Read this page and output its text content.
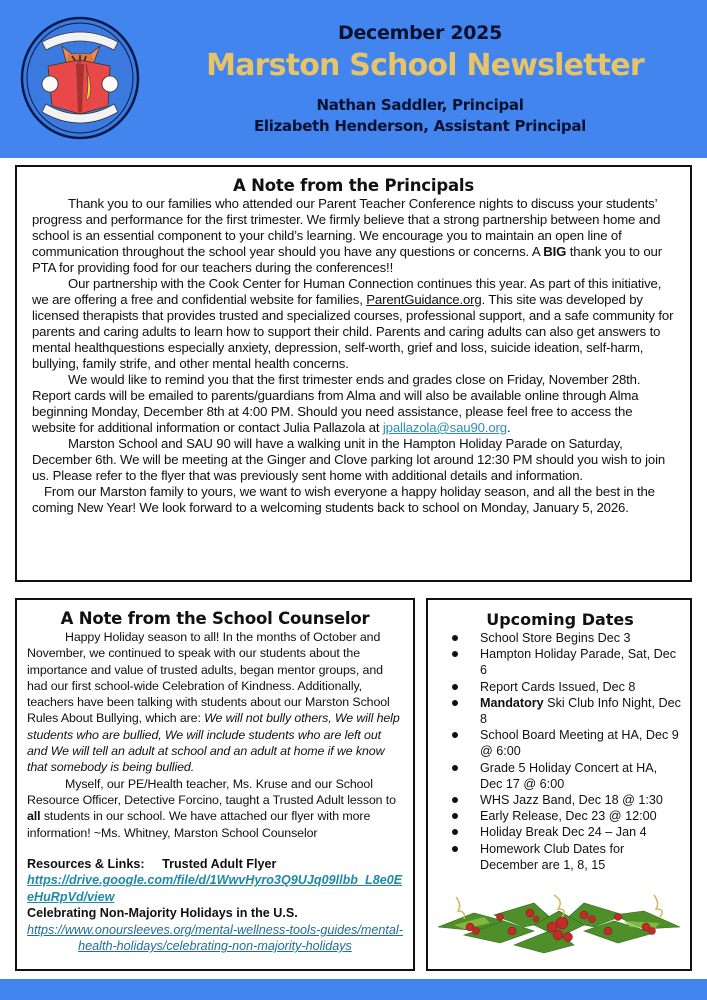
December 2025
Marston School Newsletter
Nathan Saddler, Principal
Elizabeth Henderson, Assistant Principal
A Note from the Principals

Thank you to our families who attended our Parent Teacher Conference nights to discuss your students’ progress and performance for the first trimester. We firmly believe that a strong partnership between home and school is an essential component to your child’s learning. We encourage you to maintain an open line of communication throughout the school year should you have any questions or concerns. A BIG thank you to our PTA for providing food for our teachers during the conferences!!

Our partnership with the Cook Center for Human Connection continues this year. As part of this initiative, we are offering a free and confidential website for families, ParentGuidance.org. This site was developed by licensed therapists that provides trusted and specialized courses, professional support, and a safe community for parents and caring adults to learn how to support their child. Parents and caring adults can also get answers to mental healthquestions especially anxiety, depression, self-worth, grief and loss, suicide ideation, self-harm, bullying, family strife, and other mental health concerns.

We would like to remind you that the first trimester ends and grades close on Friday, November 28th. Report cards will be emailed to parents/guardians from Alma and will also be available online through Alma beginning Monday, December 8th at 4:00 PM. Should you need assistance, please feel free to access the website for additional information or contact Julia Pallazola at jpallazola@sau90.org.

Marston School and SAU 90 will have a walking unit in the Hampton Holiday Parade on Saturday, December 6th. We will be meeting at the Ginger and Clove parking lot around 12:30 PM should you wish to join us. Please refer to the flyer that was previously sent home with additional details and information.

From our Marston family to yours, we want to wish everyone a happy holiday season, and all the best in the coming New Year! We look forward to a welcoming students back to school on Monday, January 5, 2026.

A Note from the School Counselor

Happy Holiday season to all! In the months of October and November, we continued to speak with our students about the importance and value of trusted adults, began mentor groups, and had our first school-wide Celebration of Kindness. Additionally, teachers have been talking with students about our Marston School Rules About Bullying, which are: We will not bully others, We will help students who are bullied, We will include students who are left out and We will tell an adult at school and an adult at home if we know that somebody is being bullied.

Myself, our PE/Health teacher, Ms. Kruse and our School Resource Officer, Detective Forcino, taught a Trusted Adult lesson to all students in our school. We have attached our flyer with more information! ~Ms. Whitney, Marston School Counselor

Resources & Links: Trusted Adult Flyer
https://drive.google.com/file/d/1WwvHyro3Q9UJq09llbb_L8e0EeHuRpVd/view
Celebrating Non-Majority Holidays in the U.S.
https://www.onoursleeves.org/mental-wellness-tools-guides/mental-health-holidays/celebrating-non-majority-holidays
Upcoming Dates
School Store Begins Dec 3
Hampton Holiday Parade, Sat, Dec 6
Report Cards Issued, Dec 8
Mandatory Ski Club Info Night, Dec 8
School Board Meeting at HA, Dec 9 @ 6:00
Grade 5 Holiday Concert at HA, Dec 17 @ 6:00
WHS Jazz Band, Dec 18 @ 1:30
Early Release, Dec 23 @ 12:00
Holiday Break Dec 24 – Jan 4
Homework Club Dates for December are 1, 8, 15
